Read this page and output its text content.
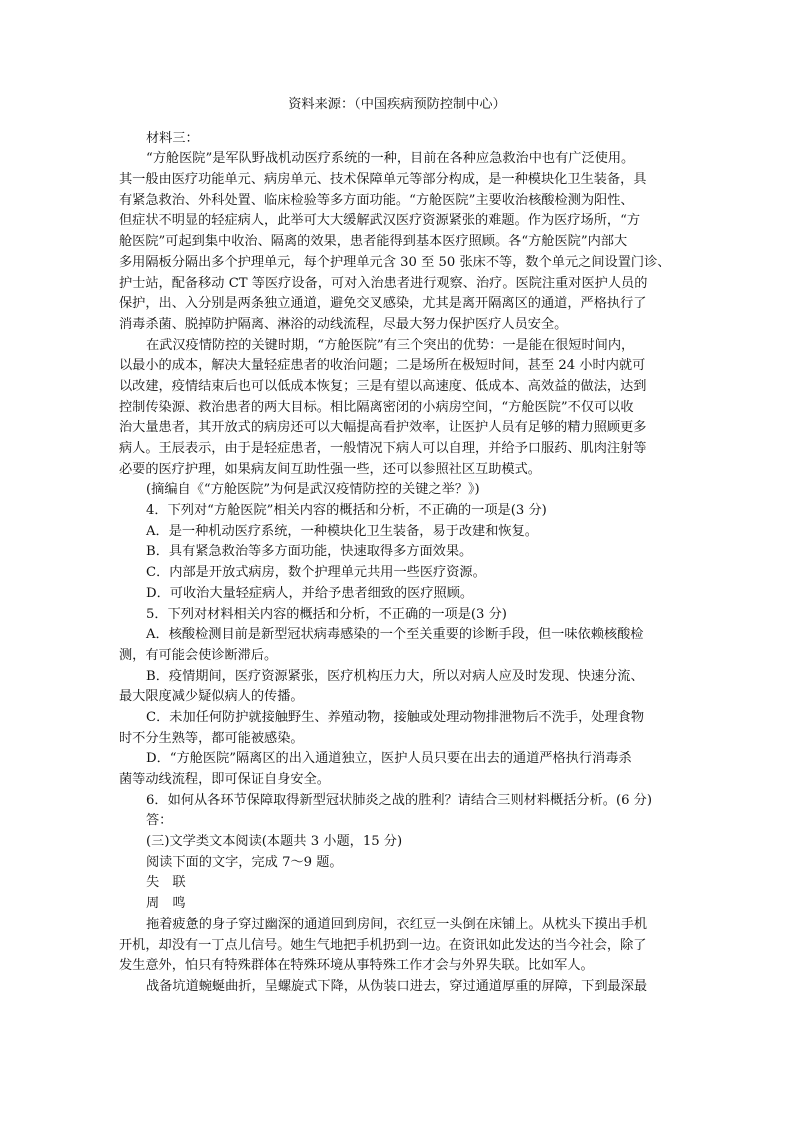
资料来源：（中国疾病预防控制中心）
材料三：
“方舱医院”是军队野战机动医疗系统的一种，目前在各种应急救治中也有广泛使用。
其一般由医疗功能单元、病房单元、技术保障单元等部分构成，是一种模块化卫生装备，具
有紧急救治、外科处置、临床检验等多方面功能。“方舱医院”主要收治核酸检测为阳性、
但症状不明显的轻症病人，此举可大大缓解武汉医疗资源紧张的难题。作为医疗场所，“方
舱医院”可起到集中收治、隔离的效果，患者能得到基本医疗照顾。各“方舱医院”内部大
多用隔板分隔出多个护理单元，每个护理单元含 30 至 50 张床不等，数个单元之间设置门诊、
护士站，配备移动 CT 等医疗设备，可对入治患者进行观察、治疗。医院注重对医护人员的
保护，出、入分别是两条独立通道，避免交叉感染，尤其是离开隔离区的通道，严格执行了
消毒杀菌、脱掉防护隔离、淋浴的动线流程，尽最大努力保护医疗人员安全。
在武汉疫情防控的关键时期，“方舱医院”有三个突出的优势：一是能在很短时间内，
以最小的成本，解决大量轻症患者的收治问题；二是场所在极短时间，甚至 24 小时内就可
以改建，疫情结束后也可以低成本恢复；三是有望以高速度、低成本、高效益的做法，达到
控制传染源、救治患者的两大目标。相比隔离密闭的小病房空间，“方舱医院”不仅可以收
治大量患者，其开放式的病房还可以大幅提高看护效率，让医护人员有足够的精力照顾更多
病人。王辰表示，由于是轻症患者，一般情况下病人可以自理，并给予口服药、肌肉注射等
必要的医疗护理，如果病友间互助性强一些，还可以参照社区互助模式。
(摘编自《“方舱医院”为何是武汉疫情防控的关键之举？》)
4．下列对“方舱医院”相关内容的概括和分析，不正确的一项是(3 分)
A．是一种机动医疗系统，一种模块化卫生装备，易于改建和恢复。
B．具有紧急救治等多方面功能，快速取得多方面效果。
C．内部是开放式病房，数个护理单元共用一些医疗资源。
D．可收治大量轻症病人，并给予患者细致的医疗照顾。
5．下列对材料相关内容的概括和分析，不正确的一项是(3 分)
A．核酸检测目前是新型冠状病毒感染的一个至关重要的诊断手段，但一味依赖核酸检
测，有可能会使诊断滞后。
B．疫情期间，医疗资源紧张，医疗机构压力大，所以对病人应及时发现、快速分流、
最大限度减少疑似病人的传播。
C．未加任何防护就接触野生、养殖动物，接触或处理动物排泄物后不洗手，处理食物
时不分生熟等，都可能被感染。
D．“方舱医院”隔离区的出入通道独立，医护人员只要在出去的通道严格执行消毒杀
菌等动线流程，即可保证自身安全。
6．如何从各环节保障取得新型冠状肺炎之战的胜利？请结合三则材料概括分析。(6 分)
答：
(三)文学类文本阅读(本题共 3 小题，15 分)
阅读下面的文字，完成 7～9 题。
失　联
周　鸣
拖着疲惫的身子穿过幽深的通道回到房间，衣红豆一头倒在床铺上。从枕头下摸出手机
开机，却没有一丁点儿信号。她生气地把手机扔到一边。在资讯如此发达的当今社会，除了
发生意外，怕只有特殊群体在特殊环境从事特殊工作才会与外界失联。比如军人。
战备坑道蜿蜒曲折，呈螺旋式下降，从伪装口进去，穿过通道厚重的屏障，下到最深最
